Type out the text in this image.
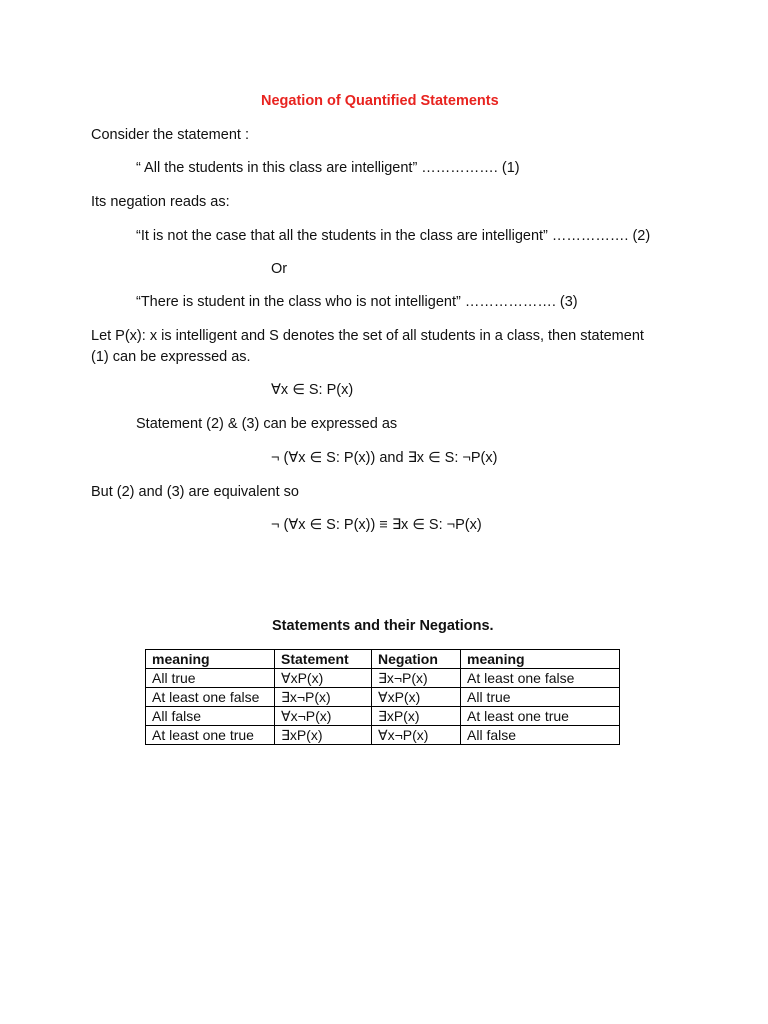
Negation of Quantified Statements
Consider the statement :
“ All the students in this class are intelligent” ……………. (1)
Its negation reads as:
“It is not the case that all the students in the class are intelligent” ……………. (2)
Or
“There is student in the class who is not intelligent” ………………. (3)
Let P(x): x is intelligent and S denotes the set of all students in a class, then statement
(1) can be expressed as.
∀x ∈ S: P(x)
Statement (2) & (3) can be expressed as
¬ (∀x ∈ S: P(x)) and ∃x ∈ S: ¬P(x)
But (2) and (3) are equivalent so
¬ (∀x ∈ S: P(x)) ≡ ∃x ∈ S: ¬P(x)
Statements and their Negations.
meaning	Statement	Negation	meaning
All true	∀xP(x)	∃x¬P(x)	At least one false
At least one false	∃x¬P(x)	∀xP(x)	All true
All false	∀x¬P(x)	∃xP(x)	At least one true
At least one true	∃xP(x)	∀x¬P(x)	All false
